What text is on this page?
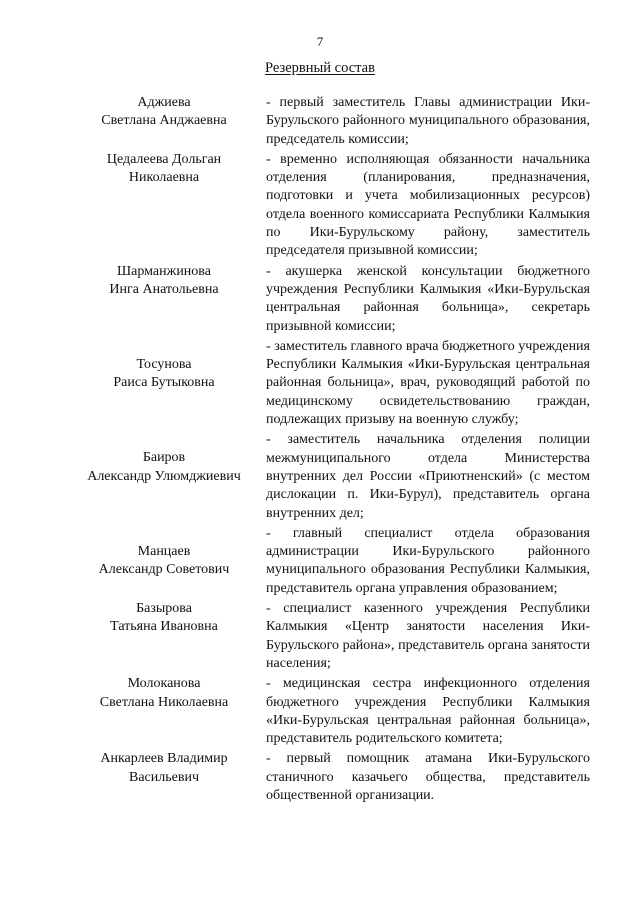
7
Резервный состав
Аджиева
Светлана Анджаевна
- первый заместитель Главы администрации Ики-Бурульского районного муниципального образования, председатель комиссии;
Цедалеева Дольган
Николаевна
- временно исполняющая обязанности начальника отделения (планирования, предназначения, подготовки и учета мобилизационных ресурсов) отдела военного комиссариата Республики Калмыкия по Ики-Бурульскому району, заместитель председателя призывной комиссии;
Шарманжинова
Инга Анатольевна
- акушерка женской консультации бюджетного учреждения Республики Калмыкия «Ики-Бурульская центральная районная больница», секретарь призывной комиссии;
Тосунова
Раиса Бутыковна
- заместитель главного врача бюджетного учреждения Республики Калмыкия «Ики-Бурульская центральная районная больница», врач, руководящий работой по медицинскому освидетельствованию граждан, подлежащих призыву на военную службу;
Баиров
Александр Улюмджиевич
- заместитель начальника отделения полиции межмуниципального отдела Министерства внутренних дел России «Приютненский» (с местом дислокации п. Ики-Бурул), представитель органа внутренних дел;
Манцаев
Александр Советович
- главный специалист отдела образования администрации Ики-Бурульского районного муниципального образования Республики Калмыкия, представитель органа управления образованием;
Базырова
Татьяна Ивановна
- специалист казенного учреждения Республики Калмыкия «Центр занятости населения Ики-Бурульского района», представитель органа занятости населения;
Молоканова
Светлана Николаевна
- медицинская сестра инфекционного отделения бюджетного учреждения Республики Калмыкия «Ики-Бурульская центральная районная больница», представитель родительского комитета;
Анкарлеев Владимир
Васильевич
- первый помощник атамана Ики-Бурульского станичного казачьего общества, представитель общественной организации.
